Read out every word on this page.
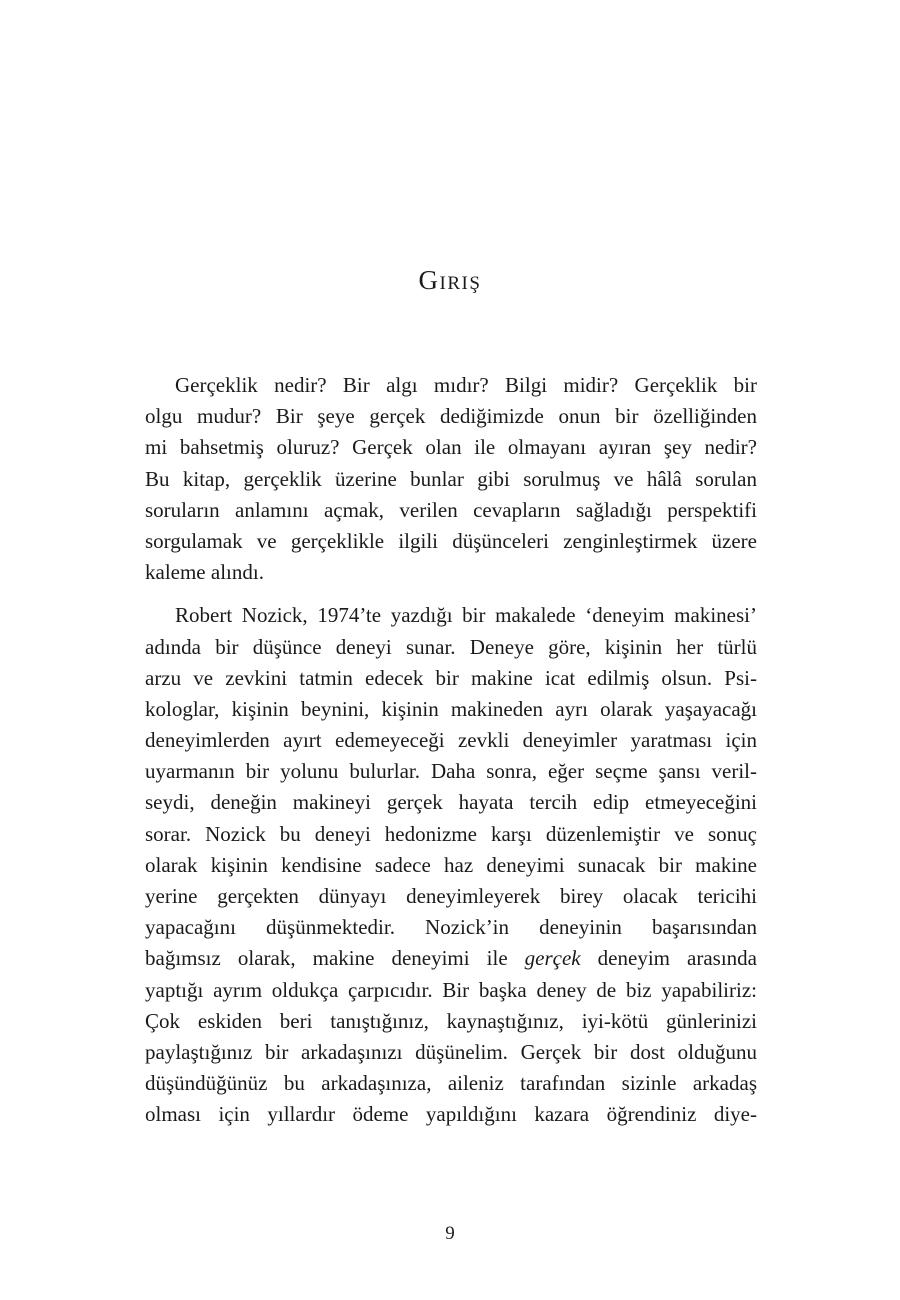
Giriş
Gerçeklik nedir? Bir algı mıdır? Bilgi midir? Gerçeklik bir
olgu mudur? Bir şeye gerçek dediğimizde onun bir özelliğinden
mi bahsetmiş oluruz? Gerçek olan ile olmayanı ayıran şey nedir?
Bu kitap, gerçeklik üzerine bunlar gibi sorulmuş ve hâlâ sorulan
soruların anlamını açmak, verilen cevapların sağladığı perspektifi
sorgulamak ve gerçeklikle ilgili düşünceleri zenginleştirmek üzere
kaleme alındı.
Robert Nozick, 1974’te yazdığı bir makalede ‘deneyim makinesi’
adında bir düşünce deneyi sunar. Deneye göre, kişinin her türlü
arzu ve zevkini tatmin edecek bir makine icat edilmiş olsun. Psi-
kologlar, kişinin beynini, kişinin makineden ayrı olarak yaşayacağı
deneyimlerden ayırt edemeyeceği zevkli deneyimler yaratması için
uyarmanın bir yolunu bulurlar. Daha sonra, eğer seçme şansı veril-
seydi, deneğin makineyi gerçek hayata tercih edip etmeyeceğini
sorar. Nozick bu deneyi hedonizme karşı düzenlemiştir ve sonuç
olarak kişinin kendisine sadece haz deneyimi sunacak bir makine
yerine gerçekten dünyayı deneyimleyerek birey olacak tericihi
yapacağını düşünmektedir. Nozick’in deneyinin başarısından
bağımsız olarak, makine deneyimi ile gerçek deneyim arasında
yaptığı ayrım oldukça çarpıcıdır. Bir başka deney de biz yapabiliriz:
Çok eskiden beri tanıştığınız, kaynaştığınız, iyi-kötü günlerinizi
paylaştığınız bir arkadaşınızı düşünelim. Gerçek bir dost olduğunu
düşündüğünüz bu arkadaşınıza, aileniz tarafından sizinle arkadaş
olması için yıllardır ödeme yapıldığını kazara öğrendiniz diye-

9
